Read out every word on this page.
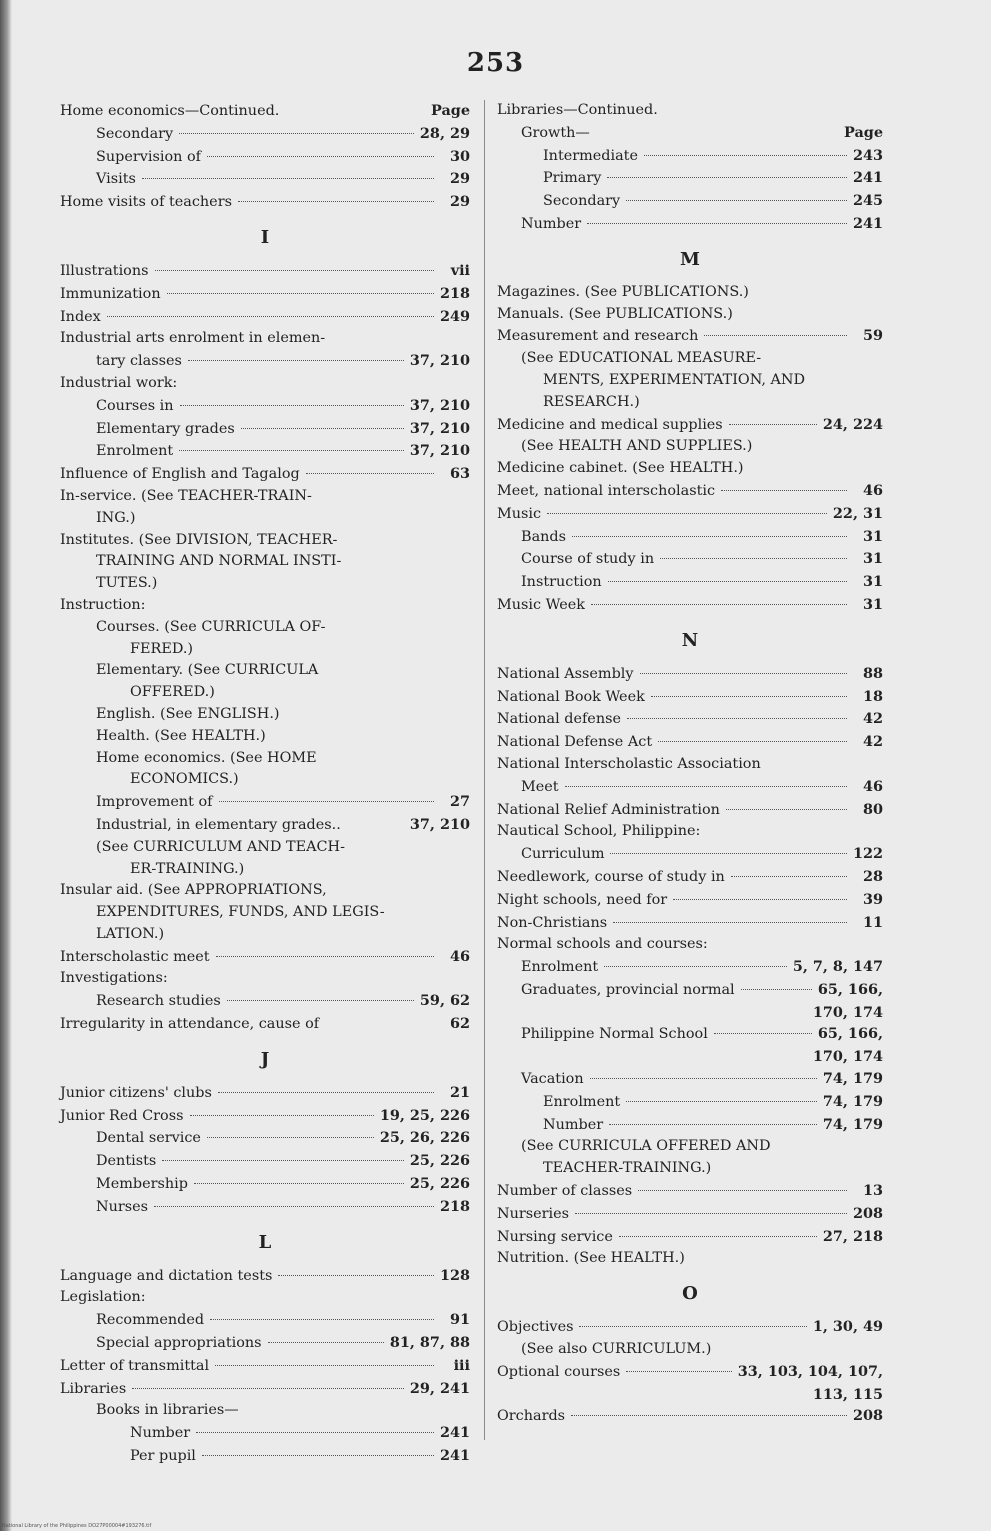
253
Home economics—Continued.	Page
Secondary	28, 29
Supervision of	30
Visits	29
Home visits of teachers	29
I
Illustrations	vii
Immunization	218
Index	249
Industrial arts enrolment in elemen-
tary classes	37, 210
Industrial work:
Courses in	37, 210
Elementary grades	37, 210
Enrolment	37, 210
Influence of English and Tagalog	63
In-service. (See TEACHER-TRAIN-
ING.)
Institutes. (See DIVISION, TEACHER-
TRAINING AND NORMAL INSTI-
TUTES.)
Instruction:
Courses. (See CURRICULA OF-
FERED.)
Elementary. (See CURRICULA
OFFERED.)
English. (See ENGLISH.)
Health. (See HEALTH.)
Home economics. (See HOME
ECONOMICS.)
Improvement of	27
Industrial, in elementary grades..	37, 210
(See CURRICULUM AND TEACH-
ER-TRAINING.)
Insular aid. (See APPROPRIATIONS,
EXPENDITURES, FUNDS, AND LEGIS-
LATION.)
Interscholastic meet	46
Investigations:
Research studies	59, 62
Irregularity in attendance, cause of	62
J
Junior citizens' clubs	21
Junior Red Cross	19, 25, 226
Dental service	25, 26, 226
Dentists	25, 226
Membership	25, 226
Nurses	218
L
Language and dictation tests	128
Legislation:
Recommended	91
Special appropriations	81, 87, 88
Letter of transmittal	iii
Libraries	29, 241
Books in libraries—
Number	241
Per pupil	241
Libraries—Continued.
Growth—	Page
Intermediate	243
Primary	241
Secondary	245
Number	241
M
Magazines. (See PUBLICATIONS.)
Manuals. (See PUBLICATIONS.)
Measurement and research	59
(See EDUCATIONAL MEASURE-
MENTS, EXPERIMENTATION, AND
RESEARCH.)
Medicine and medical supplies	24, 224
(See HEALTH AND SUPPLIES.)
Medicine cabinet. (See HEALTH.)
Meet, national interscholastic	46
Music	22, 31
Bands	31
Course of study in	31
Instruction	31
Music Week	31
N
National Assembly	88
National Book Week	18
National defense	42
National Defense Act	42
National Interscholastic Association
Meet	46
National Relief Administration	80
Nautical School, Philippine:
Curriculum	122
Needlework, course of study in	28
Night schools, need for	39
Non-Christians	11
Normal schools and courses:
Enrolment	5, 7, 8, 147
Graduates, provincial normal	65, 166,
170, 174
Philippine Normal School	65, 166,
170, 174
Vacation	74, 179
Enrolment	74, 179
Number	74, 179
(See CURRICULA OFFERED AND
TEACHER-TRAINING.)
Number of classes	13
Nurseries	208
Nursing service	27, 218
Nutrition. (See HEALTH.)
O
Objectives	1, 30, 49
(See also CURRICULUM.)
Optional courses	33, 103, 104, 107,
113, 115
Orchards	208
National Library of the Philippines DO27P00004#193276.tif
